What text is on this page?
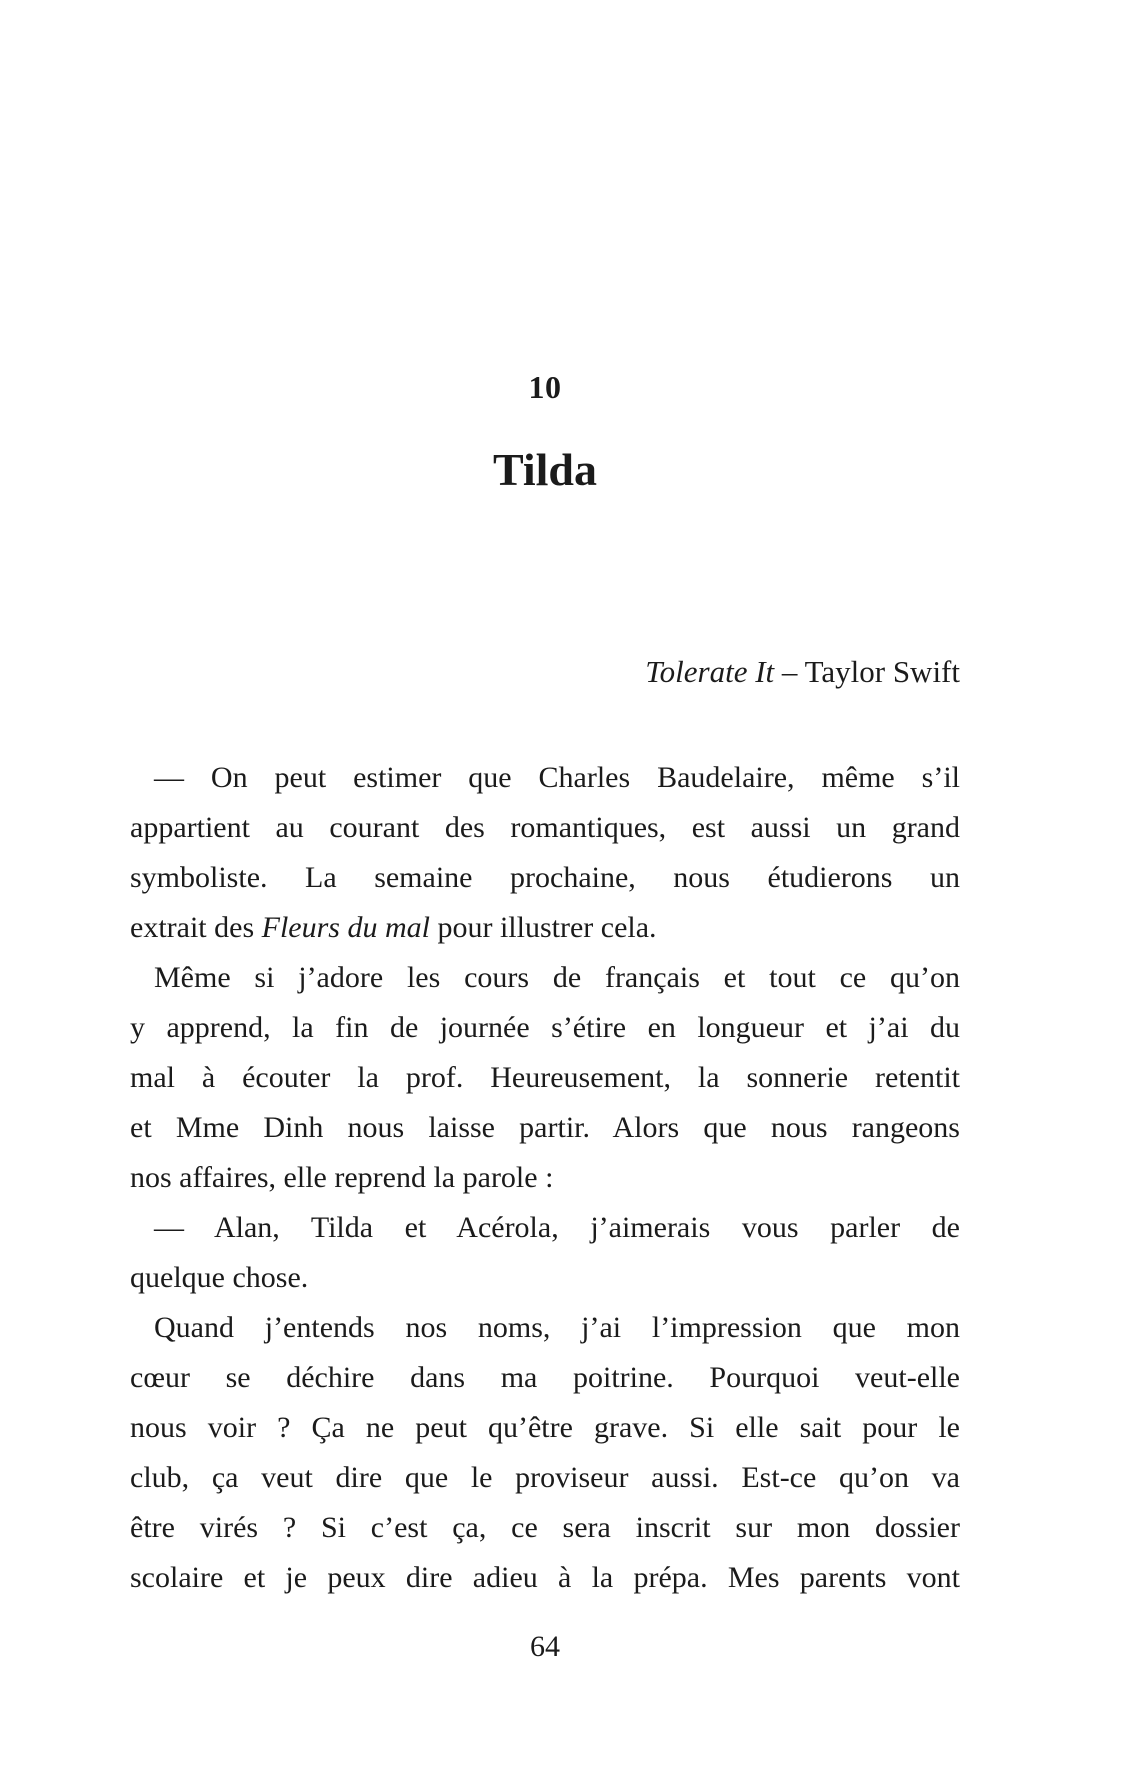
10
Tilda
Tolerate It – Taylor Swift
— On peut estimer que Charles Baudelaire, même s’il
appartient au courant des romantiques, est aussi un grand
symboliste. La semaine prochaine, nous étudierons un
extrait des Fleurs du mal pour illustrer cela.
Même si j’adore les cours de français et tout ce qu’on
y apprend, la fin de journée s’étire en longueur et j’ai du
mal à écouter la prof. Heureusement, la sonnerie retentit
et Mme Dinh nous laisse partir. Alors que nous rangeons
nos affaires, elle reprend la parole :
— Alan, Tilda et Acérola, j’aimerais vous parler de
quelque chose.
Quand j’entends nos noms, j’ai l’impression que mon
cœur se déchire dans ma poitrine. Pourquoi veut-elle
nous voir ? Ça ne peut qu’être grave. Si elle sait pour le
club, ça veut dire que le proviseur aussi. Est-ce qu’on va
être virés ? Si c’est ça, ce sera inscrit sur mon dossier
scolaire et je peux dire adieu à la prépa. Mes parents vont
64
